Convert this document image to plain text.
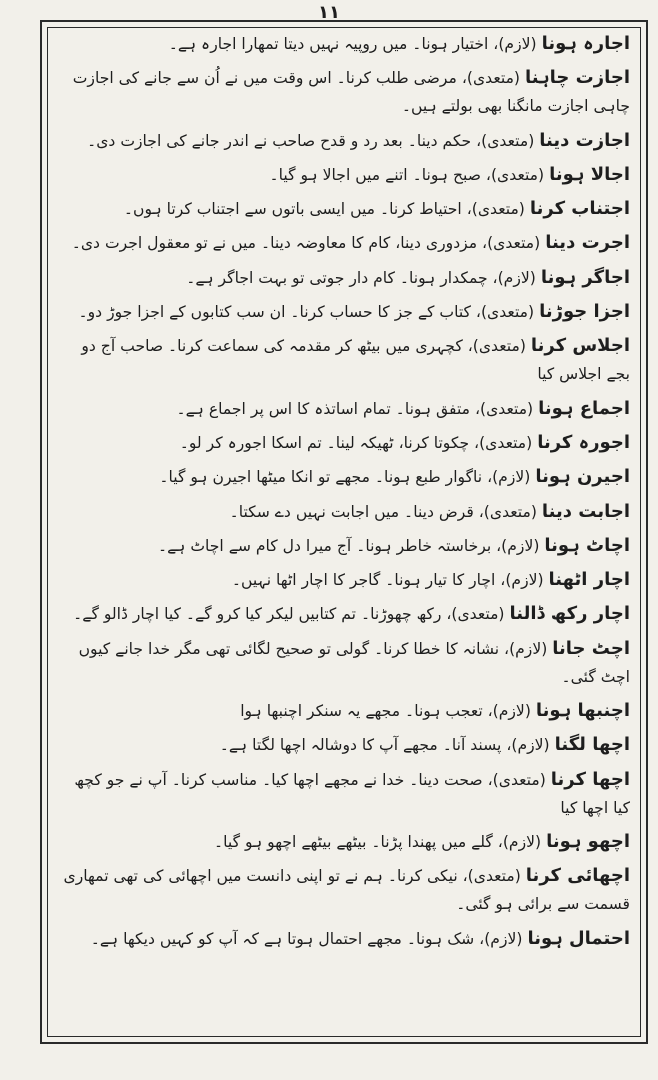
۱۱

اجارہ ہونا (لازم)، اختیار ہونا۔ میں روپیہ نہیں دیتا تمھارا اجارہ ہے۔

اجازت چاہنا (متعدی)، مرضی طلب کرنا۔ اس وقت میں نے اُن سے جانے کی اجازت چاہی اجازت مانگنا بھی بولتے ہیں۔

اجازت دینا (متعدی)، حکم دینا۔ بعد رد و قدح صاحب نے اندر جانے کی اجازت دی۔

اجالا ہونا (متعدی)، صبح ہونا۔ اتنے میں اجالا ہو گیا۔

اجتناب کرنا (متعدی)، احتیاط کرنا۔ میں ایسی باتوں سے اجتناب کرتا ہوں۔

اجرت دینا (متعدی)، مزدوری دینا، کام کا معاوضہ دینا۔ میں نے تو معقول اجرت دی۔

اجاگر ہونا (لازم)، چمکدار ہونا۔ کام دار جوتی تو بہت اجاگر ہے۔

اجزا جوڑنا (متعدی)، کتاب کے جز کا حساب کرنا۔ ان سب کتابوں کے اجزا جوڑ دو۔

اجلاس کرنا (متعدی)، کچہری میں بیٹھ کر مقدمہ کی سماعت کرنا۔ صاحب آج دو بجے اجلاس کیا

اجماع ہونا (متعدی)، متفق ہونا۔ تمام اساتذہ کا اس پر اجماع ہے۔

اجورہ کرنا (متعدی)، چکوتا کرنا، ٹھیکہ لینا۔ تم اسکا اجورہ کر لو۔

اجیرن ہونا (لازم)، ناگوار طبع ہونا۔ مجھے تو انکا میٹھا اجیرن ہو گیا۔

اجابت دینا (متعدی)، قرض دینا۔ میں اجابت نہیں دے سکتا۔

اچاٹ ہونا (لازم)، برخاستہ خاطر ہونا۔ آج میرا دل کام سے اچاٹ ہے۔

اچار اٹھنا (لازم)، اچار کا تیار ہونا۔ گاجر کا اچار اٹھا نہیں۔

اچار رکھ ڈالنا (متعدی)، رکھ چھوڑنا۔ تم کتابیں لیکر کیا کرو گے۔ کیا اچار ڈالو گے۔

اچٹ جانا (لازم)، نشانہ کا خطا کرنا۔ گولی تو صحیح لگائی تھی مگر خدا جانے کیوں اچٹ گئی۔

اچنبھا ہونا (لازم)، تعجب ہونا۔ مجھے یہ سنکر اچنبھا ہوا

اچھا لگنا (لازم)، پسند آنا۔ مجھے آپ کا دوشالہ اچھا لگتا ہے۔

اچھا کرنا (متعدی)، صحت دینا۔ خدا نے مجھے اچھا کیا۔ مناسب کرنا۔ آپ نے جو کچھ کیا اچھا کیا

اچھو ہونا (لازم)، گلے میں پھندا پڑنا۔ بیٹھے بیٹھے اچھو ہو گیا۔

اچھائی کرنا (متعدی)، نیکی کرنا۔ ہم نے تو اپنی دانست میں اچھائی کی تھی تمھاری قسمت سے برائی ہو گئی۔

احتمال ہونا (لازم)، شک ہونا۔ مجھے احتمال ہوتا ہے کہ آپ کو کہیں دیکھا ہے۔
